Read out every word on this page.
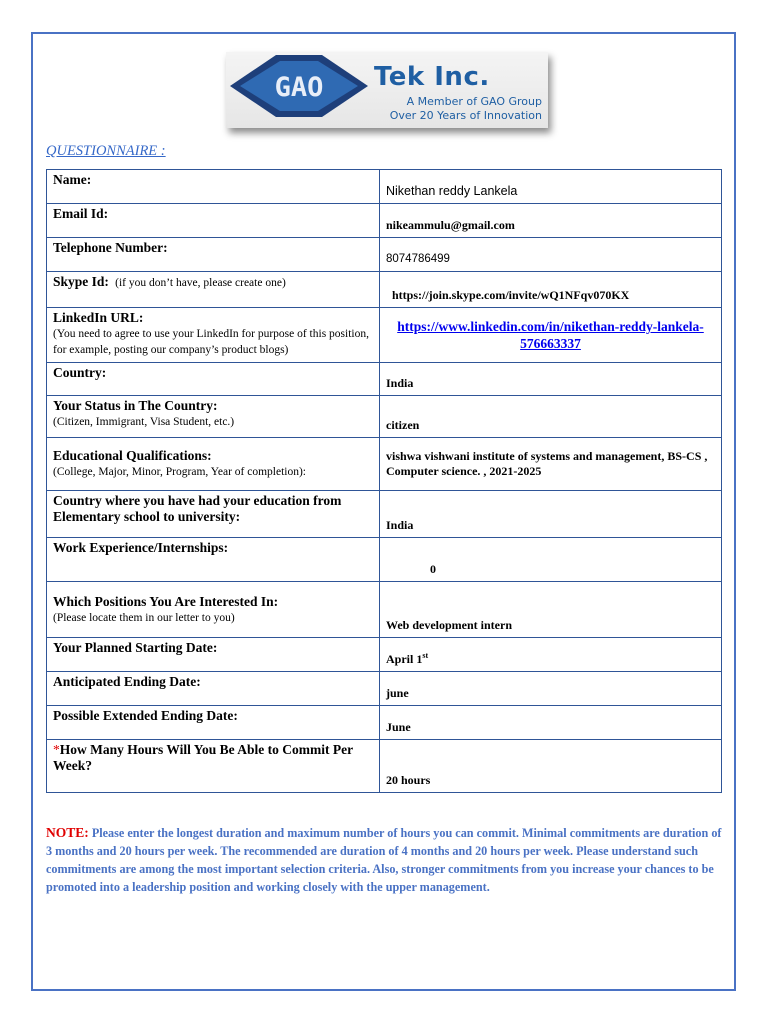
GAO Tek Inc.
A Member of GAO Group
Over 20 Years of Innovation
QUESTIONNAIRE :
Name:	Nikethan reddy Lankela
Email Id:	nikeammulu@gmail.com
Telephone Number:	8074786499
Skype Id: (if you don’t have, please create one)	https://join.skype.com/invite/wQ1NFqv070KX
LinkedIn URL:
(You need to agree to use your LinkedIn for purpose of this position, for example, posting our company’s product blogs)	https://www.linkedin.com/in/nikethan-reddy-lankela-
576663337

Country:	India
Your Status in The Country:
(Citizen, Immigrant, Visa Student, etc.)	citizen
Educational Qualifications:
(College, Major, Minor, Program, Year of completion):	vishwa vishwani institute of systems and management, BS-CS , Computer science. , 2021-2025
Country where you have had your education from Elementary school to university:	India
Work Experience/Internships:	0
Which Positions You Are Interested In:
(Please locate them in our letter to you)	Web development intern
Your Planned Starting Date:	April 1st
Anticipated Ending Date:	june
Possible Extended Ending Date:	June
*How Many Hours Will You Be Able to Commit Per Week?	20 hours
NOTE: Please enter the longest duration and maximum number of hours you can commit. Minimal commitments are duration of 3 months and 20 hours per week. The recommended are duration of 4 months and 20 hours per week. Please understand such commitments are among the most important selection criteria. Also, stronger commitments from you increase your chances to be promoted into a leadership position and working closely with the upper management.
